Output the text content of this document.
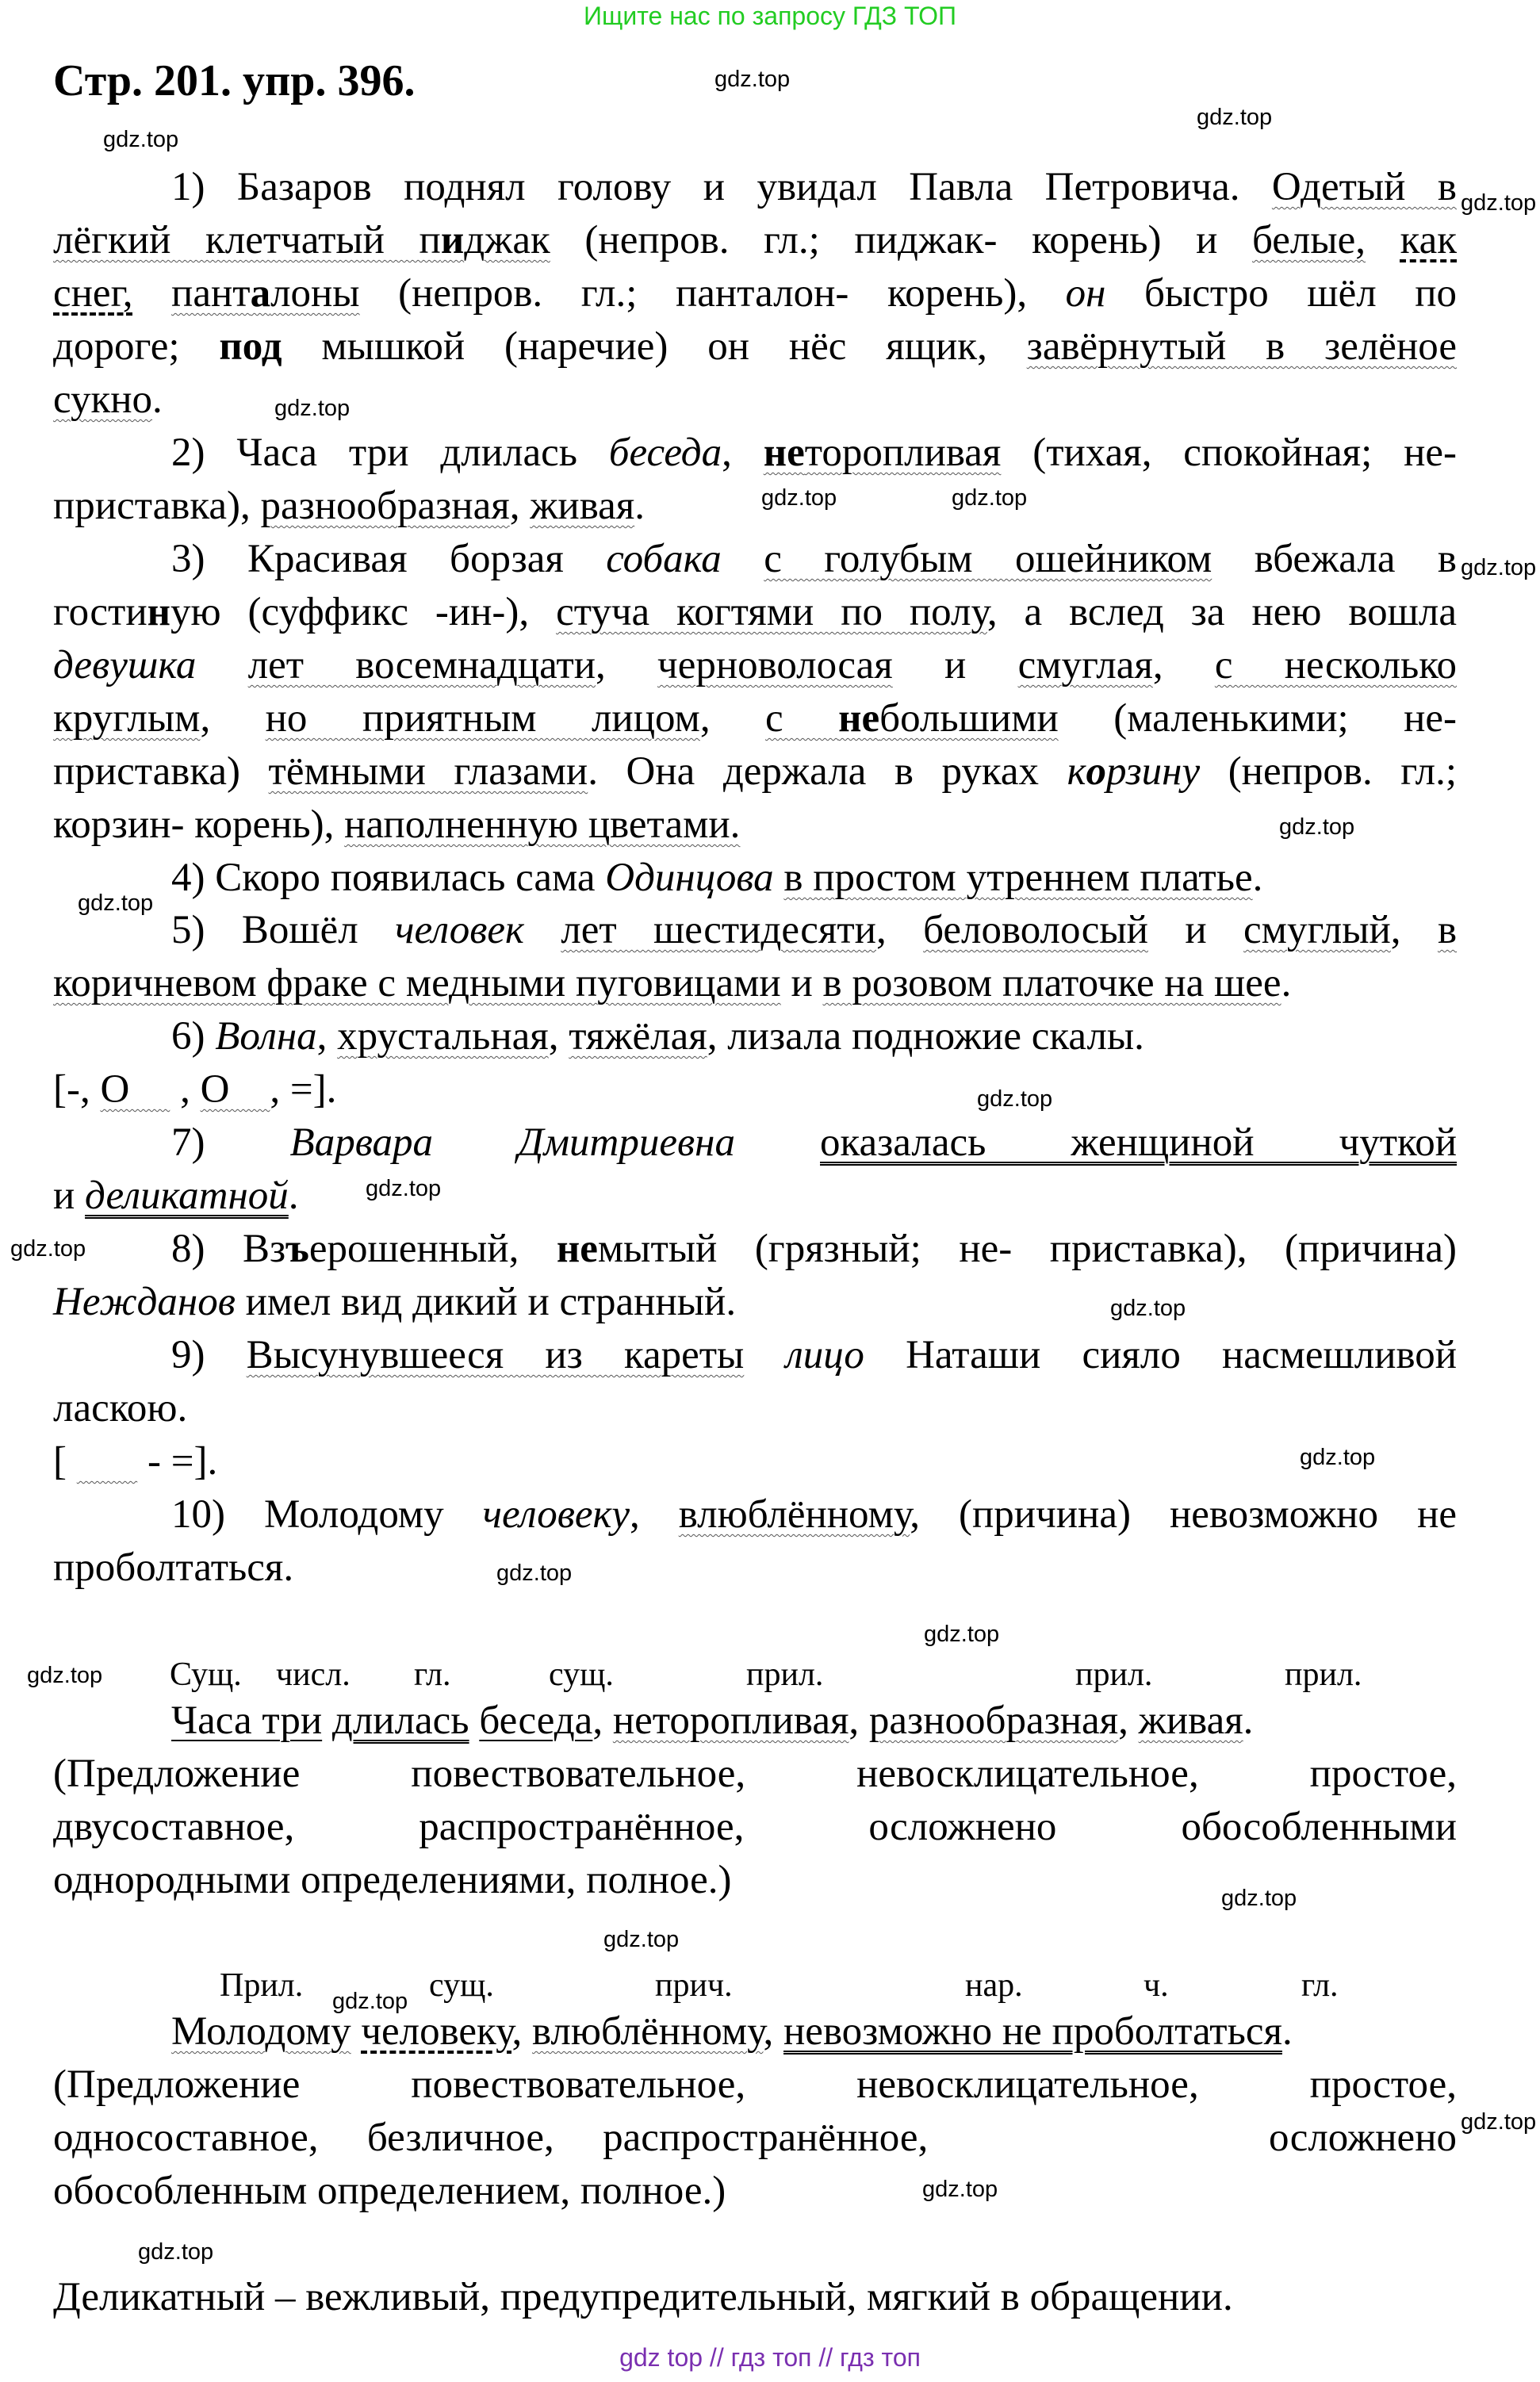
Ищите нас по запросу ГДЗ ТОП
Стр. 201. упр. 396.
1) Базаров поднял голову и увидал Павла Петровича. Одетый в
лёгкий клетчатый пиджак (непров. гл.; пиджак- корень) и белые, как
снег, панталоны (непров. гл.; панталон- корень), он быстро шёл по
дороге; под мышкой (наречие) он нёс ящик, завёрнутый в зелёное
сукно.
2) Часа три длилась беседа, неторопливая (тихая, спокойная; не-
приставка), разнообразная, живая.
3) Красивая борзая собака с голубым ошейником вбежала в
гостиную (суффикс -ин-), стуча когтями по полу, а вслед за нею вошла
девушка лет восемнадцати, черноволосая и смуглая, с несколько
круглым, но приятным лицом, с небольшими (маленькими; не-
приставка) тёмными глазами. Она держала в руках корзину (непров. гл.;
корзин- корень), наполненную цветами.
4) Скоро появилась сама Одинцова в простом утреннем платье.
5) Вошёл человек лет шестидесяти, беловолосый и смуглый, в
коричневом фраке с медными пуговицами и в розовом платочке на шее.
6) Волна, хрустальная, тяжёлая, лизала подножие скалы.
[-, О     , О    , =].
7) Варвара Дмитриевна оказалась женщиной чуткой
и деликатной.
8) Взъерошенный, немытый (грязный; не- приставка), (причина)
Нежданов имел вид дикий и странный.
9) Высунувшееся из кареты лицо Наташи сияло насмешливой
ласкою.
[        - =].
10) Молодому человеку, влюблённому, (причина) невозможно не
проболтаться.
Часа три длилась беседа, неторопливая, разнообразная, живая.
(Предложение повествовательное, невосклицательное, простое,
двусоставное, распространённое, осложнено обособленными
однородными определениями, полное.)
Молодому человеку, влюблённому, невозможно не проболтаться.
(Предложение повествовательное, невосклицательное, простое,
односоставное, безличное, распространённое,       осложнено
обособленным определением, полное.)
Деликатный – вежливый, предупредительный, мягкий в обращении.
Сущ. числ. гл.	сущ.	прил.	прил.	прил.
Прил.	сущ.	прич.	нар.	ч.	гл.
gdz.top
gdz.top
gdz.top
gdz.top
gdz.top
gdz.top	gdz.top
gdz.top
gdz.top
gdz.top
gdz.top
gdz.top
gdz.top
gdz.top
gdz.top
gdz.top
gdz.top
gdz.top
gdz.top
gdz.top
gdz.top
gdz.top
gdz.top
gdz.top
gdz top // гдз топ // гдз топ
